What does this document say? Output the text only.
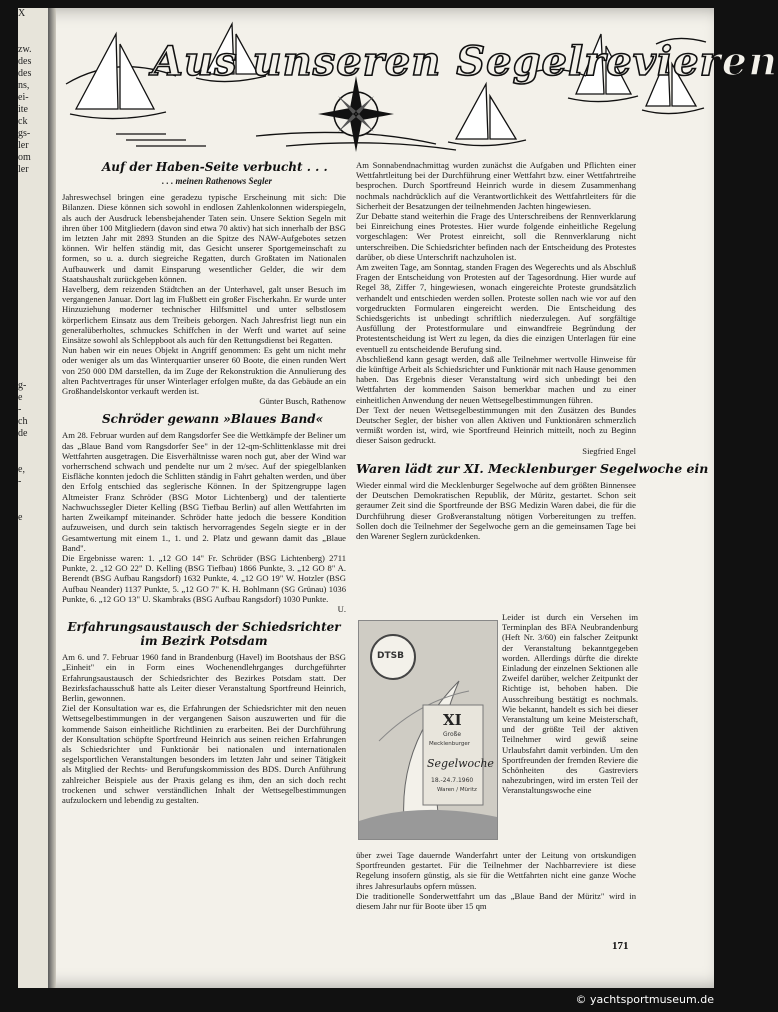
X

zw.
des
des
ns,
ei-
ite
ck
gs-
ler
om
ler

g-
e
-
ch
de

e,
-

e

Aus unseren Segelrevieren
Auf der Haben-Seite verbucht . . .
. . . meinen Rathenows Segler

Jahreswechsel bringen eine geradezu typische Erscheinung mit sich: Die Bilanzen. Diese können sich sowohl in endlosen Zahlenkolonnen widerspiegeln, als auch der Ausdruck lebensbejahender Taten sein. Unsere Sektion Segeln mit ihren über 100 Mitgliedern (davon sind etwa 70 aktiv) hat sich innerhalb der BSG im letzten Jahr mit 2893 Stunden an die Spitze des NAW-Aufgebotes setzen können. Wir helfen ständig mit, das Gesicht unserer Sportgemeinschaft zu formen, so u. a. durch siegreiche Regatten, durch Großtaten im Nationalen Aufbauwerk und damit Einsparung wesentlicher Gelder, die wir dem Staatshaushalt zurückgeben können.

Havelberg, dem reizenden Städtchen an der Unterhavel, galt unser Besuch im vergangenen Januar. Dort lag im Flußbett ein großer Fischerkahn. Er wurde unter Hinzuziehung moderner technischer Hilfsmittel und unter selbstlosem körperlichem Einsatz aus dem Treibeis geborgen. Nach Jahresfrist liegt nun ein generalüberholtes, schmuckes Schiffchen in der Werft und wartet auf seine Einsätze sowohl als Schleppboot als auch für den Rettungsdienst bei Regatten.

Nun haben wir ein neues Objekt in Angriff genommen: Es geht um nicht mehr oder weniger als um das Winterquartier unserer 60 Boote, die einen runden Wert von 250 000 DM darstellen, da im Zuge der Rekonstruktion die Annulierung des alten Pachtvertrages für unser Winterlager erfolgen mußte, da das Gebäude an ein Großhandelskontor verkauft werden ist.

Günter Busch, Rathenow
Schröder gewann »Blaues Band«

Am 28. Februar wurden auf dem Rangsdorfer See die Wettkämpfe der Beliner um das „Blaue Band vom Rangsdorfer See" in der 12-qm-Schlittenklasse mit drei Wettfahrten ausgetragen. Die Eisverhältnisse waren noch gut, aber der Wind war vorherrschend schwach und pendelte nur um 2 m/sec. Auf der spiegelblanken Eisfläche konnten jedoch die Schlitten ständig in Fahrt gehalten werden, und über den Erfolg entschied das seglerische Können. In der Spitzengruppe lagen Altmeister Franz Schröder (BSG Motor Lichtenberg) und der talentierte Nachwuchssegler Dieter Kelling (BSG Tiefbau Berlin) auf allen Wettfahrten im harten Zweikampf miteinander. Schröder hatte jedoch die bessere Kondition aufzuweisen, und durch sein taktisch hervorragendes Segeln siegte er in der Gesamtwertung mit einem 1., 1. und 2. Platz und gewann damit das „Blaue Band".

Die Ergebnisse waren: 1. „12 GO 14" Fr. Schröder (BSG Lichtenberg) 2711 Punkte, 2. „12 GO 22" D. Kelling (BSG Tiefbau) 1866 Punkte, 3. „12 GO 8" A. Berendt (BSG Aufbau Rangsdorf) 1632 Punkte, 4. „12 GO 19" W. Hotzler (BSG Aufbau Neander) 1137 Punkte, 5. „12 GO 7" K. H. Bohlmann (SG Grünau) 1036 Punkte, 6. „12 GO 13" U. Skambraks (BSG Aufbau Rangsdorf) 1030 Punkte.

U.
Erfahrungsaustausch der Schiedsrichter im Bezirk Potsdam

Am 6. und 7. Februar 1960 fand in Brandenburg (Havel) im Bootshaus der BSG „Einheit" ein in Form eines Wochenendlehrganges durchgeführter Erfahrungsaustausch der Schiedsrichter des Bezirkes Potsdam statt. Der Bezirksfachausschuß hatte als Leiter dieser Veranstaltung Sportfreund Heinrich, Berlin, gewonnen.

Ziel der Konsultation war es, die Erfahrungen der Schiedsrichter mit den neuen Wettsegelbestimmungen in der vergangenen Saison auszuwerten und für die kommende Saison einheitliche Richtlinien zu erarbeiten. Bei der Durchführung der Konsultation schöpfte Sportfreund Heinrich aus seinen reichen Erfahrungen als Schiedsrichter und Funktionär bei nationalen und internationalen segelsportlichen Veranstaltungen besonders im letzten Jahr und seiner Tätigkeit als Mitglied der Rechts- und Berufungskommission des BDS. Durch Anführung zahlreicher Beispiele aus der Praxis gelang es ihm, den an sich doch recht trockenen und schwer verständlichen Inhalt der Wettsegelbestimmungen aufzulockern und lebendig zu gestalten.

Am Sonnabendnachmittag wurden zunächst die Aufgaben und Pflichten einer Wettfahrtleitung bei der Durchführung einer Wettfahrt bzw. einer Wettfahrtreihe besprochen. Durch Sportfreund Heinrich wurde in diesem Zusammenhang nochmals nachdrücklich auf die Verantwortlichkeit des Wettfahrtleiters für die Sicherheit der Besatzungen der teilnehmenden Jachten hingewiesen.

Zur Debatte stand weiterhin die Frage des Unterschreibens der Rennverklarung bei Einreichung eines Protestes. Hier wurde folgende einheitliche Regelung vorgeschlagen: Wer Protest einreicht, soll die Rennverklarung nicht unterschreiben. Die Schiedsrichter befinden nach der Entscheidung des Protestes darüber, ob diese Unterschrift nachzuholen ist.

Am zweiten Tage, am Sonntag, standen Fragen des Wegerechts und als Abschluß Fragen der Entscheidung von Protesten auf der Tagesordnung. Hier wurde auf Regel 38, Ziffer 7, hingewiesen, wonach eingereichte Proteste grundsätzlich verhandelt und entschieden werden sollen. Proteste sollen nach wie vor auf den vorgedruckten Formularen eingereicht werden. Die Entscheidung des Schiedsgerichts ist unbedingt schriftlich niederzulegen. Auf sorgfältige Ausfüllung der Protestformulare und einwandfreie Begründung der Protestentscheidung ist Wert zu legen, da dies die einzigen Unterlagen für eine eventuell zu entscheidende Berufung sind.

Abschließend kann gesagt werden, daß alle Teilnehmer wertvolle Hinweise für die künftige Arbeit als Schiedsrichter und Funktionär mit nach Hause genommen haben. Das Ergebnis dieser Veranstaltung wird sich unbedingt bei den Wettfahrten der kommenden Saison bemerkbar machen und zu einer einheitlichen Anwendung der neuen Wettsegelbestimmungen führen.

Der Text der neuen Wettsegelbestimmungen mit den Zusätzen des Bundes Deutscher Segler, der bisher von allen Aktiven und Funktionären schmerzlich vermißt worden ist, wird, wie Sportfreund Heinrich mitteilt, noch zu Beginn dieser Saison gedruckt.

Siegfried Engel
Waren lädt zur XI. Mecklenburger Segelwoche ein

Wieder einmal wird die Mecklenburger Segelwoche auf dem größten Binnensee der Deutschen Demokratischen Republik, der Müritz, gestartet. Schon seit geraumer Zeit sind die Sportfreunde der BSG Medizin Waren dabei, die für die Durchführung dieser Großveranstaltung nötigen Vorbereitungen zu treffen. Sollen doch die Teilnehmer der Segelwoche gern an die gemeinsamen Tage bei den Warener Seglern zurückdenken.

DTSB
XI
Große
Mecklenburger
Segelwoche
18.-24.7.1960
Waren / Müritz

Leider ist durch ein Versehen im Terminplan des BFA Neubrandenburg (Heft Nr. 3/60) ein falscher Zeitpunkt der Veranstaltung bekanntgegeben worden. Allerdings dürfte die direkte Einladung der einzelnen Sektionen alle Zweifel darüber, welcher Zeitpunkt der Richtige ist, behoben haben. Die Ausschreibung bestätigt es nochmals. Wie bekannt, handelt es sich bei dieser Veranstaltung um keine Meisterschaft, und der größte Teil der aktiven Teilnehmer wird gewiß seine Urlaubsfahrt damit verbinden. Um den Sportfreunden der fremden Reviere die Schönheiten des Gastreviers nahezubringen, wird im ersten Teil der Veranstaltungswoche eine

über zwei Tage dauernde Wanderfahrt unter der Leitung von ortskundigen Sportfreunden gestartet. Für die Teilnehmer der Nachbarreviere ist diese Regelung insofern günstig, als sie für die Wettfahrten nicht eine ganze Woche ihres Jahresurlaubs opfern müssen.

Die traditionelle Sonderwettfahrt um das „Blaue Band der Müritz" wird in diesem Jahr nur für Boote über 15 qm

171
© yachtsportmuseum.de
